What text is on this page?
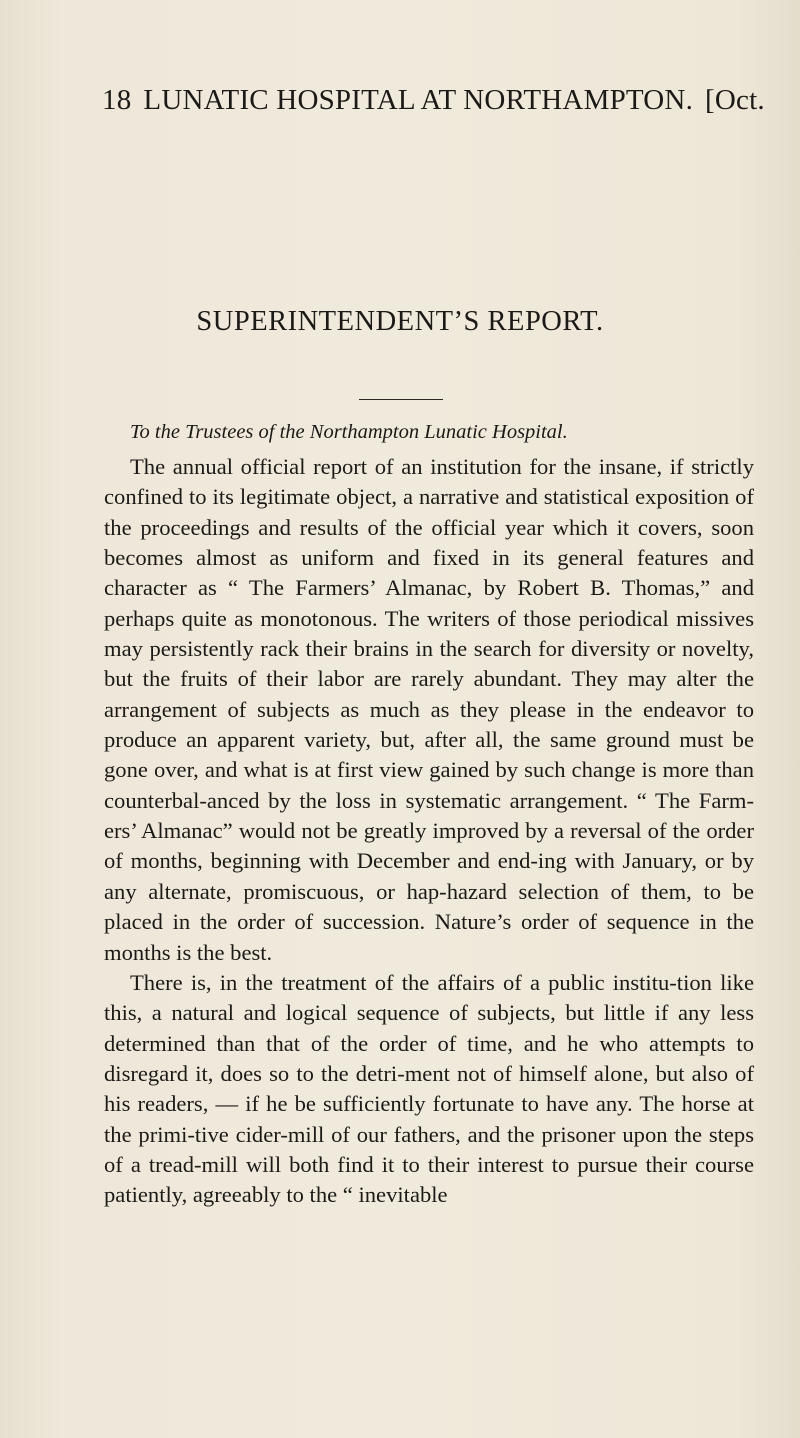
18 LUNATIC HOSPITAL AT NORTHAMPTON. [Oct.
SUPERINTENDENT’S REPORT.
To the Trustees of the Northampton Lunatic Hospital.

The annual official report of an institution for the insane, if strictly confined to its legitimate object, a narrative and statistical exposition of the proceedings and results of the official year which it covers, soon becomes almost as uniform and fixed in its general features and character as “ The Farmers’ Almanac, by Robert B. Thomas,” and perhaps quite as monotonous. The writers of those periodical missives may persistently rack their brains in the search for diversity or novelty, but the fruits of their labor are rarely abundant. They may alter the arrangement of subjects as much as they please in the endeavor to produce an apparent variety, but, after all, the same ground must be gone over, and what is at first view gained by such change is more than counterbal-anced by the loss in systematic arrangement. “ The Farm-ers’ Almanac” would not be greatly improved by a reversal of the order of months, beginning with December and end-ing with January, or by any alternate, promiscuous, or hap-hazard selection of them, to be placed in the order of succession. Nature’s order of sequence in the months is the best.

There is, in the treatment of the affairs of a public institu-tion like this, a natural and logical sequence of subjects, but little if any less determined than that of the order of time, and he who attempts to disregard it, does so to the detri-ment not of himself alone, but also of his readers, — if he be sufficiently fortunate to have any. The horse at the primi-tive cider-mill of our fathers, and the prisoner upon the steps of a tread-mill will both find it to their interest to pursue their course patiently, agreeably to the “ inevitable
